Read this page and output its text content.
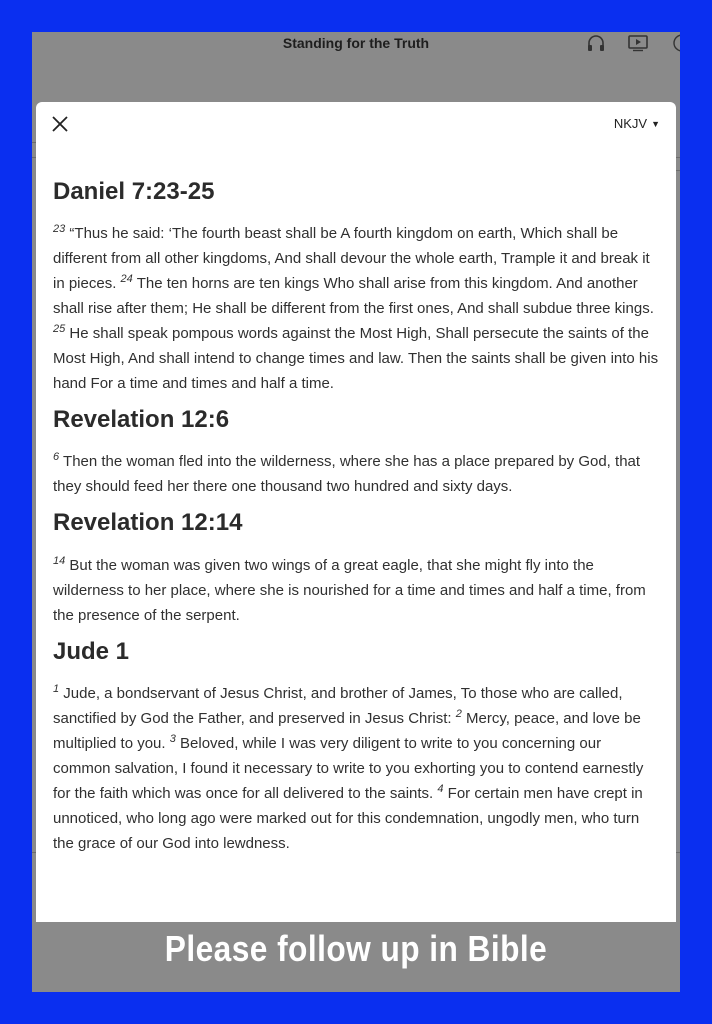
Standing for the Truth
NKJV ▼
Daniel 7:23-25

$^{23}$ “Thus he said: ‘The fourth beast shall be A fourth kingdom on earth, Which shall be different from all other kingdoms, And shall devour the whole earth, Trample it and break it in pieces. $^{24}$ The ten horns are ten kings Who shall arise from this kingdom. And another shall rise after them; He shall be different from the first ones, And shall subdue three kings. $^{25}$ He shall speak pompous words against the Most High, Shall persecute the saints of the Most High, And shall intend to change times and law. Then the saints shall be given into his hand For a time and times and half a time.

Revelation 12:6

$^6$ Then the woman fled into the wilderness, where she has a place prepared by God, that they should feed her there one thousand two hundred and sixty days.

Revelation 12:14

$^{14}$ But the woman was given two wings of a great eagle, that she might fly into the wilderness to her place, where she is nourished for a time and times and half a time, from the presence of the serpent.

Jude 1

$^1$ Jude, a bondservant of Jesus Christ, and brother of James, To those who are called, sanctified by God the Father, and preserved in Jesus Christ: $^2$ Mercy, peace, and love be multiplied to you. $^3$ Beloved, while I was very diligent to write to you concerning our common salvation, I found it necessary to write to you exhorting you to contend earnestly for the faith which was once for all delivered to the saints. $^4$ For certain men have crept in unnoticed, who long ago were marked out for this condemnation, ungodly men, who turn the grace of our God into lewdness.

Please follow up in Bible
